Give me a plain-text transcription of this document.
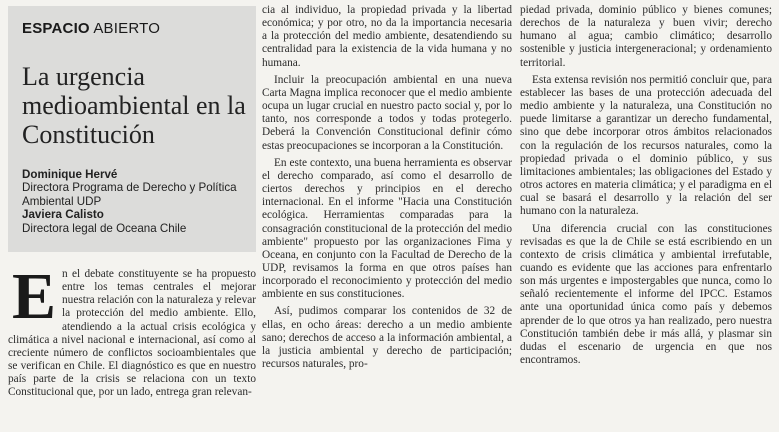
ESPACIO ABIERTO
La urgencia medioambiental en la Constitución
Dominique Hervé
Directora Programa de Derecho y Política Ambiental UDP
Javiera Calisto
Directora legal de Oceana Chile
E n el debate constituyente se ha propuesto entre los temas centrales el mejorar nuestra relación con la naturaleza y relevar la protección del medio ambiente. Ello, atendiendo a la actual crisis ecológica y climática a nivel nacional e internacional, así como al creciente número de conflictos socioambientales que se verifican en Chile. El diagnóstico es que en nuestro país parte de la crisis se relaciona con un texto Constitucional que, por un lado, entrega gran relevan-

cia al individuo, la propiedad privada y la libertad económica; y por otro, no da la importancia necesaria a la protección del medio ambiente, desatendiendo su centralidad para la existencia de la vida humana y no humana.

Incluir la preocupación ambiental en una nueva Carta Magna implica reconocer que el medio ambiente ocupa un lugar crucial en nuestro pacto social y, por lo tanto, nos corresponde a todos y todas protegerlo. Deberá la Convención Constitucional definir cómo estas preocupaciones se incorporan a la Constitución.

En este contexto, una buena herramienta es observar el derecho comparado, así como el desarrollo de ciertos derechos y principios en el derecho internacional. En el informe "Hacia una Constitución ecológica. Herramientas comparadas para la consagración constitucional de la protección del medio ambiente" propuesto por las organizaciones Fima y Oceana, en conjunto con la Facultad de Derecho de la UDP, revisamos la forma en que otros países han incorporado el reconocimiento y protección del medio ambiente en sus constituciones.

Así, pudimos comparar los contenidos de 32 de ellas, en ocho áreas: derecho a un medio ambiente sano; derechos de acceso a la información ambiental, a la justicia ambiental y derecho de participación; recursos naturales, pro-

piedad privada, dominio público y bienes comunes; derechos de la naturaleza y buen vivir; derecho humano al agua; cambio climático; desarrollo sostenible y justicia intergeneracional; y ordenamiento territorial.

Esta extensa revisión nos permitió concluir que, para establecer las bases de una protección adecuada del medio ambiente y la naturaleza, una Constitución no puede limitarse a garantizar un derecho fundamental, sino que debe incorporar otros ámbitos relacionados con la regulación de los recursos naturales, como la propiedad privada o el dominio público, y sus limitaciones ambientales; las obligaciones del Estado y otros actores en materia climática; y el paradigma en el cual se basará el desarrollo y la relación del ser humano con la naturaleza.

Una diferencia crucial con las constituciones revisadas es que la de Chile se está escribiendo en un contexto de crisis climática y ambiental irrefutable, cuando es evidente que las acciones para enfrentarlo son más urgentes e impostergables que nunca, como lo señaló recientemente el informe del IPCC. Estamos ante una oportunidad única como país y debemos aprender de lo que otros ya han realizado, pero nuestra Constitución también debe ir más allá, y plasmar sin dudas el escenario de urgencia en que nos encontramos.
